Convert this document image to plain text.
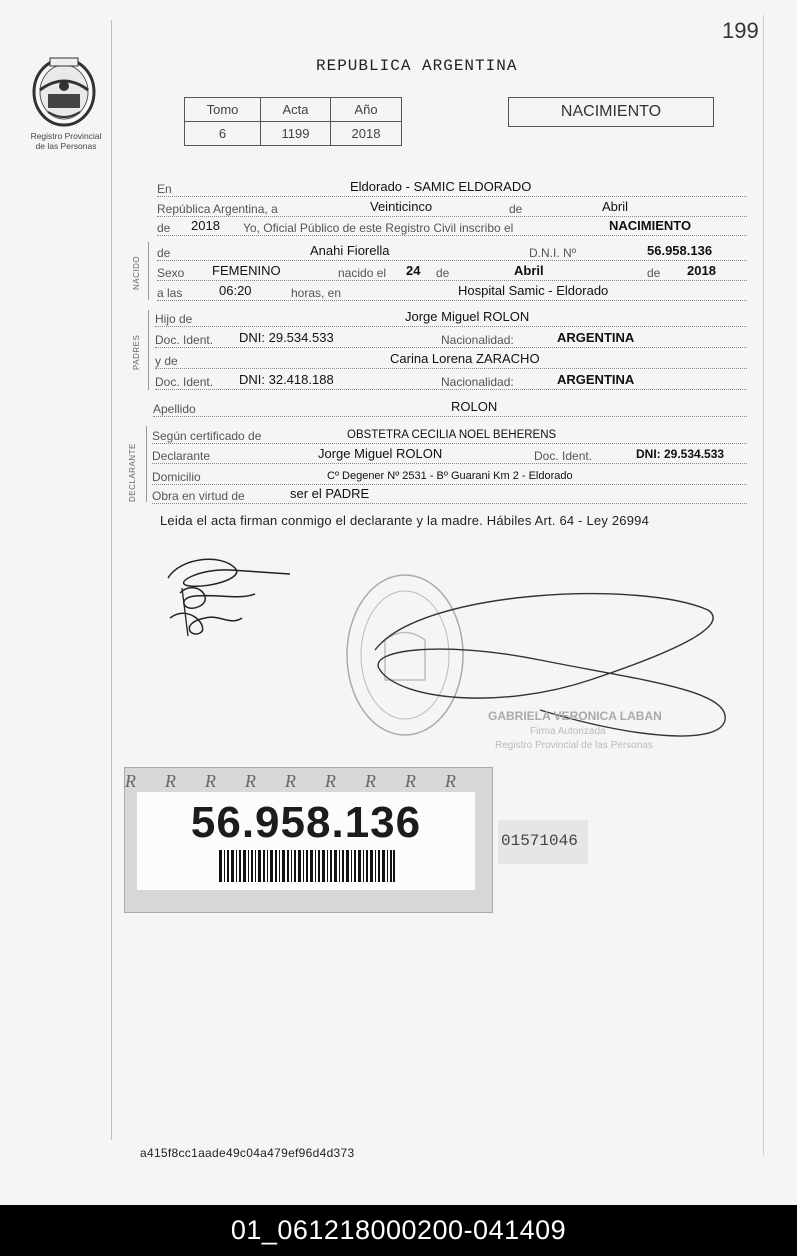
199
Registro Provincial
de las Personas
REPUBLICA ARGENTINA
Tomo	Acta	Año
6	1199	2018
NACIMIENTO
En	Eldorado - SAMIC ELDORADO
República Argentina, a	Veinticinco	de	Abril
de 2018 Yo, Oficial Público de este Registro Civil inscribo el	NACIMIENTO
NACIDO
de	Anahi Fiorella	D.N.I. Nº	56.958.136
Sexo FEMENINO	nacido el 24 de	Abril	de 2018
a las	06:20	horas, en	Hospital Samic - Eldorado
PADRES
Hijo de	Jorge Miguel ROLON
Doc. Ident. DNI: 29.534.533	Nacionalidad:	ARGENTINA
y de	Carina Lorena ZARACHO
Doc. Ident. DNI: 32.418.188	Nacionalidad:	ARGENTINA
Apellido	ROLON
DECLARANTE
Según certificado de	OBSTETRA CECILIA NOEL BEHERENS
Declarante	Jorge Miguel ROLON	Doc. Ident.	DNI: 29.534.533
Domicilio	Cº Degener Nº 2531 - Bº Guarani Km 2 - Eldorado
Obra en virtud de	ser el PADRE
Leida el acta firman conmigo el declarante y la madre. Hábiles Art. 64 - Ley 26994
GABRIELA VERONICA LABAN
Firma Autorizada
Registro Provincial de las Personas
R R R R R R R R R
56.958.136	01571046
a415f8cc1aade49c04a479ef96d4d373
01_061218000200-041409
